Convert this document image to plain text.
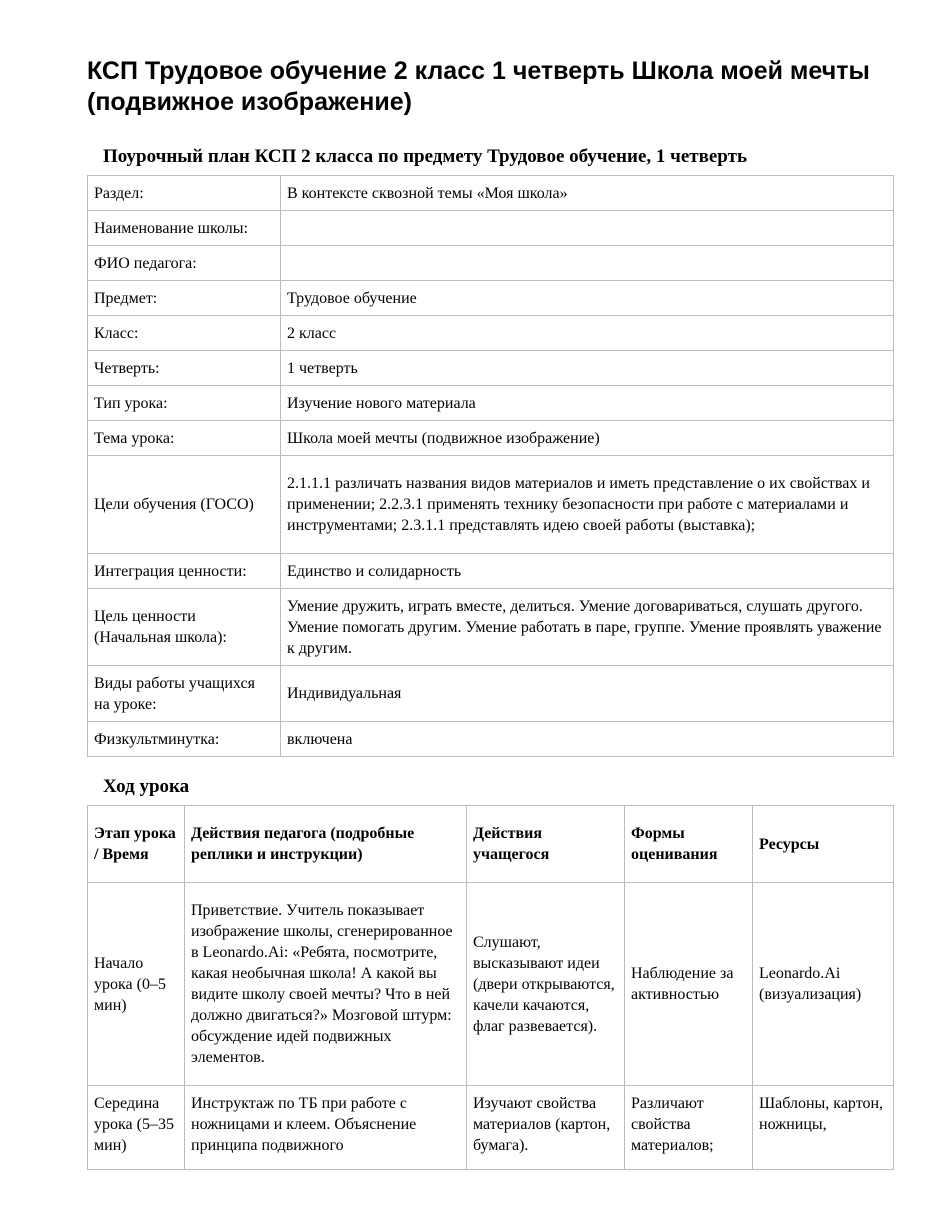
КСП Трудовое обучение 2 класс 1 четверть Школа моей мечты (подвижное изображение)
Поурочный план КСП 2 класса по предмету Трудовое обучение, 1 четверть
Раздел:	В контексте сквозной темы «Моя школа»
Наименование школы:	
ФИО педагога:	
Предмет:	Трудовое обучение
Класс:	2 класс
Четверть:	1 четверть
Тип урока:	Изучение нового материала
Тема урока:	Школа моей мечты (подвижное изображение)
Цели обучения (ГОСО)	2.1.1.1 различать названия видов материалов и иметь представление о их свойствах и применении; 2.2.3.1 применять технику безопасности при работе с материалами и инструментами; 2.3.1.1 представлять идею своей работы (выставка);
Интеграция ценности:	Единство и солидарность
Цель ценности (Начальная школа):	Умение дружить, играть вместе, делиться. Умение договариваться, слушать другого. Умение помогать другим. Умение работать в паре, группе. Умение проявлять уважение к другим.
Виды работы учащихся на уроке:	Индивидуальная
Физкультминутка:	включена
Ход урока
Этап урока / Время	Действия педагога (подробные реплики и инструкции)	Действия учащегося	Формы оценивания	Ресурсы
Начало урока (0–5 мин)	Приветствие. Учитель показывает изображение школы, сгенерированное в Leonardo.Ai: «Ребята, посмотрите, какая необычная школа! А какой вы видите школу своей мечты? Что в ней должно двигаться?» Мозговой штурм: обсуждение идей подвижных элементов.	Слушают, высказывают идеи (двери открываются, качели качаются, флаг развевается).	Наблюдение за активностью	Leonardo.Ai (визуализация)
Середина урока (5–35 мин)	Инструктаж по ТБ при работе с ножницами и клеем. Объяснение принципа подвижного	Изучают свойства материалов (картон, бумага).	Различают свойства материалов;	Шаблоны, картон, ножницы,
